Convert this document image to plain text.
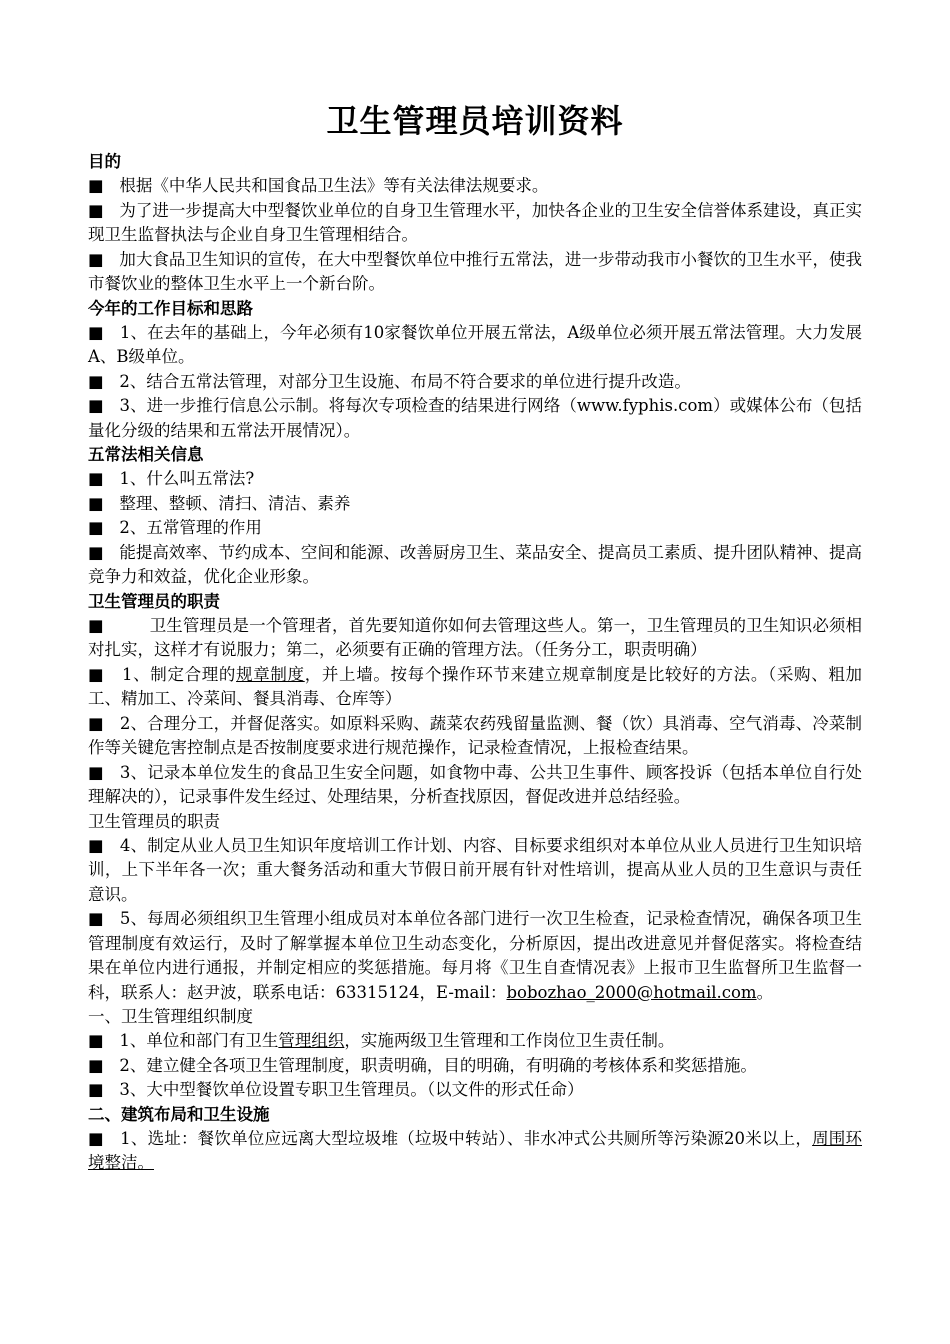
卫生管理员培训资料
目的

■ 根据《中华人民共和国食品卫生法》等有关法律法规要求。

■ 为了进一步提高大中型餐饮业单位的自身卫生管理水平，加快各企业的卫生安全信誉体系建设，真正实现卫生监督执法与企业自身卫生管理相结合。

■ 加大食品卫生知识的宣传，在大中型餐饮单位中推行五常法，进一步带动我市小餐饮的卫生水平，使我市餐饮业的整体卫生水平上一个新台阶。

今年的工作目标和思路

■ 1、在去年的基础上，今年必须有10家餐饮单位开展五常法，A级单位必须开展五常法管理。大力发展A、B级单位。

■ 2、结合五常法管理，对部分卫生设施、布局不符合要求的单位进行提升改造。

■ 3、进一步推行信息公示制。将每次专项检查的结果进行网络（www.fyphis.com）或媒体公布（包括量化分级的结果和五常法开展情况）。

五常法相关信息

■ 1、什么叫五常法?

■ 整理、整顿、清扫、清洁、素养

■ 2、五常管理的作用

■ 能提高效率、节约成本、空间和能源、改善厨房卫生、菜品安全、提高员工素质、提升团队精神、提高竞争力和效益，优化企业形象。

卫生管理员的职责

■	卫生管理员是一个管理者，首先要知道你如何去管理这些人。第一，卫生管理员的卫生知识必须相对扎实，这样才有说服力；第二，必须要有正确的管理方法。（任务分工，职责明确）

■ 1、制定合理的规章制度，并上墙。按每个操作环节来建立规章制度是比较好的方法。（采购、粗加工、精加工、冷菜间、餐具消毒、仓库等）

■ 2、合理分工，并督促落实。如原料采购、蔬菜农药残留量监测、餐（饮）具消毒、空气消毒、冷菜制作等关键危害控制点是否按制度要求进行规范操作，记录检查情况，上报检查结果。

■ 3、记录本单位发生的食品卫生安全问题，如食物中毒、公共卫生事件、顾客投诉（包括本单位自行处理解决的），记录事件发生经过、处理结果，分析查找原因，督促改进并总结经验。

卫生管理员的职责

■ 4、制定从业人员卫生知识年度培训工作计划、内容、目标要求组织对本单位从业人员进行卫生知识培训，上下半年各一次；重大餐务活动和重大节假日前开展有针对性培训，提高从业人员的卫生意识与责任意识。

■ 5、每周必须组织卫生管理小组成员对本单位各部门进行一次卫生检查，记录检查情况，确保各项卫生管理制度有效运行，及时了解掌握本单位卫生动态变化，分析原因，提出改进意见并督促落实。将检查结果在单位内进行通报，并制定相应的奖惩措施。每月将《卫生自查情况表》上报市卫生监督所卫生监督一科，联系人：赵尹波，联系电话：63315124，E-mail：bobozhao_2000@hotmail.com。

一、卫生管理组织制度

■ 1、单位和部门有卫生管理组织，实施两级卫生管理和工作岗位卫生责任制。

■ 2、建立健全各项卫生管理制度，职责明确，目的明确，有明确的考核体系和奖惩措施。

■ 3、大中型餐饮单位设置专职卫生管理员。（以文件的形式任命）

二、建筑布局和卫生设施

■ 1、选址：餐饮单位应远离大型垃圾堆（垃圾中转站）、非水冲式公共厕所等污染源20米以上，周围环境整洁。
